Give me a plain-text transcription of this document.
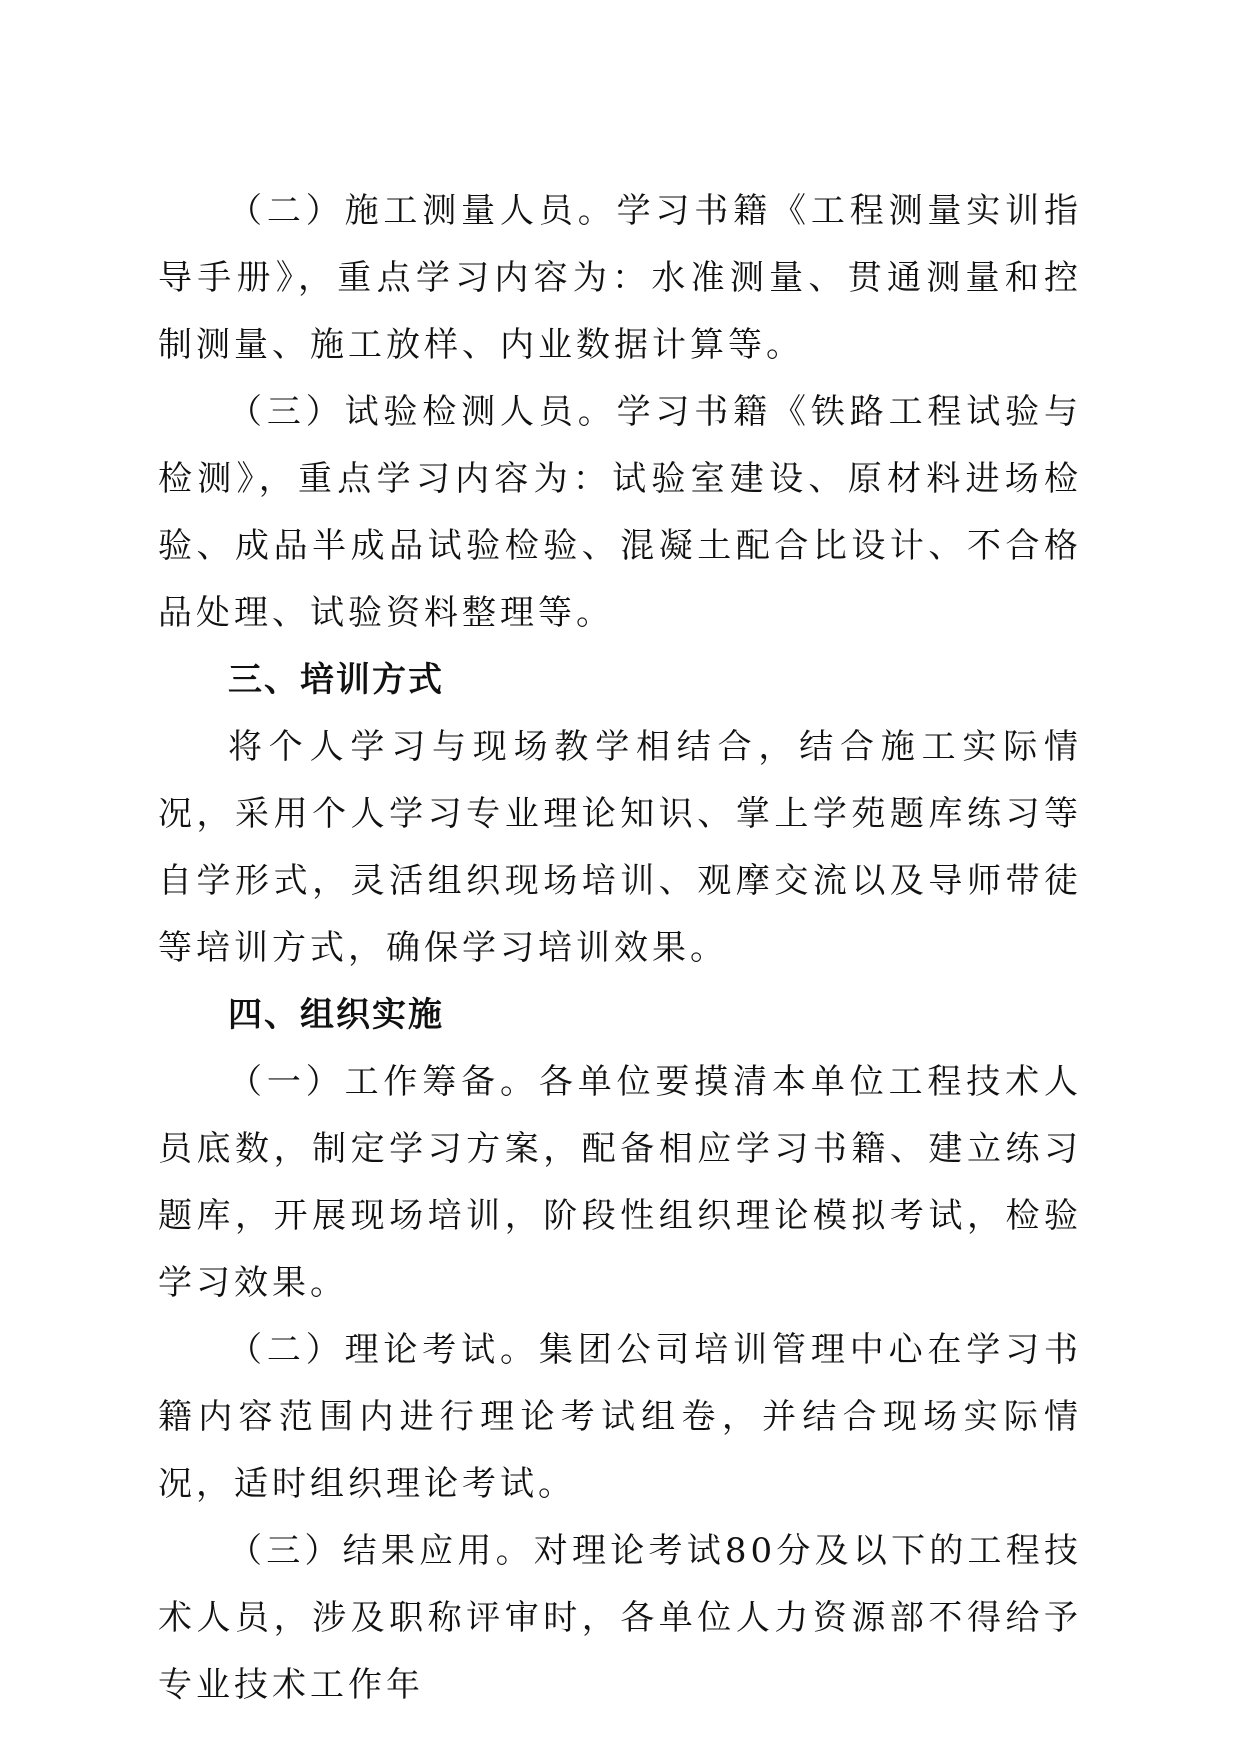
（二）施工测量人员。学习书籍《工程测量实训指导手册》，重点学习内容为：水准测量、贯通测量和控制测量、施工放样、内业数据计算等。

（三）试验检测人员。学习书籍《铁路工程试验与检测》，重点学习内容为：试验室建设、原材料进场检验、成品半成品试验检验、混凝土配合比设计、不合格品处理、试验资料整理等。

三、培训方式

将个人学习与现场教学相结合，结合施工实际情况，采用个人学习专业理论知识、掌上学苑题库练习等自学形式，灵活组织现场培训、观摩交流以及导师带徒等培训方式，确保学习培训效果。

四、组织实施

（一）工作筹备。各单位要摸清本单位工程技术人员底数，制定学习方案，配备相应学习书籍、建立练习题库，开展现场培训，阶段性组织理论模拟考试，检验学习效果。

（二）理论考试。集团公司培训管理中心在学习书籍内容范围内进行理论考试组卷，并结合现场实际情况，适时组织理论考试。

（三）结果应用。对理论考试80分及以下的工程技术人员，涉及职称评审时，各单位人力资源部不得给予专业技术工作年
